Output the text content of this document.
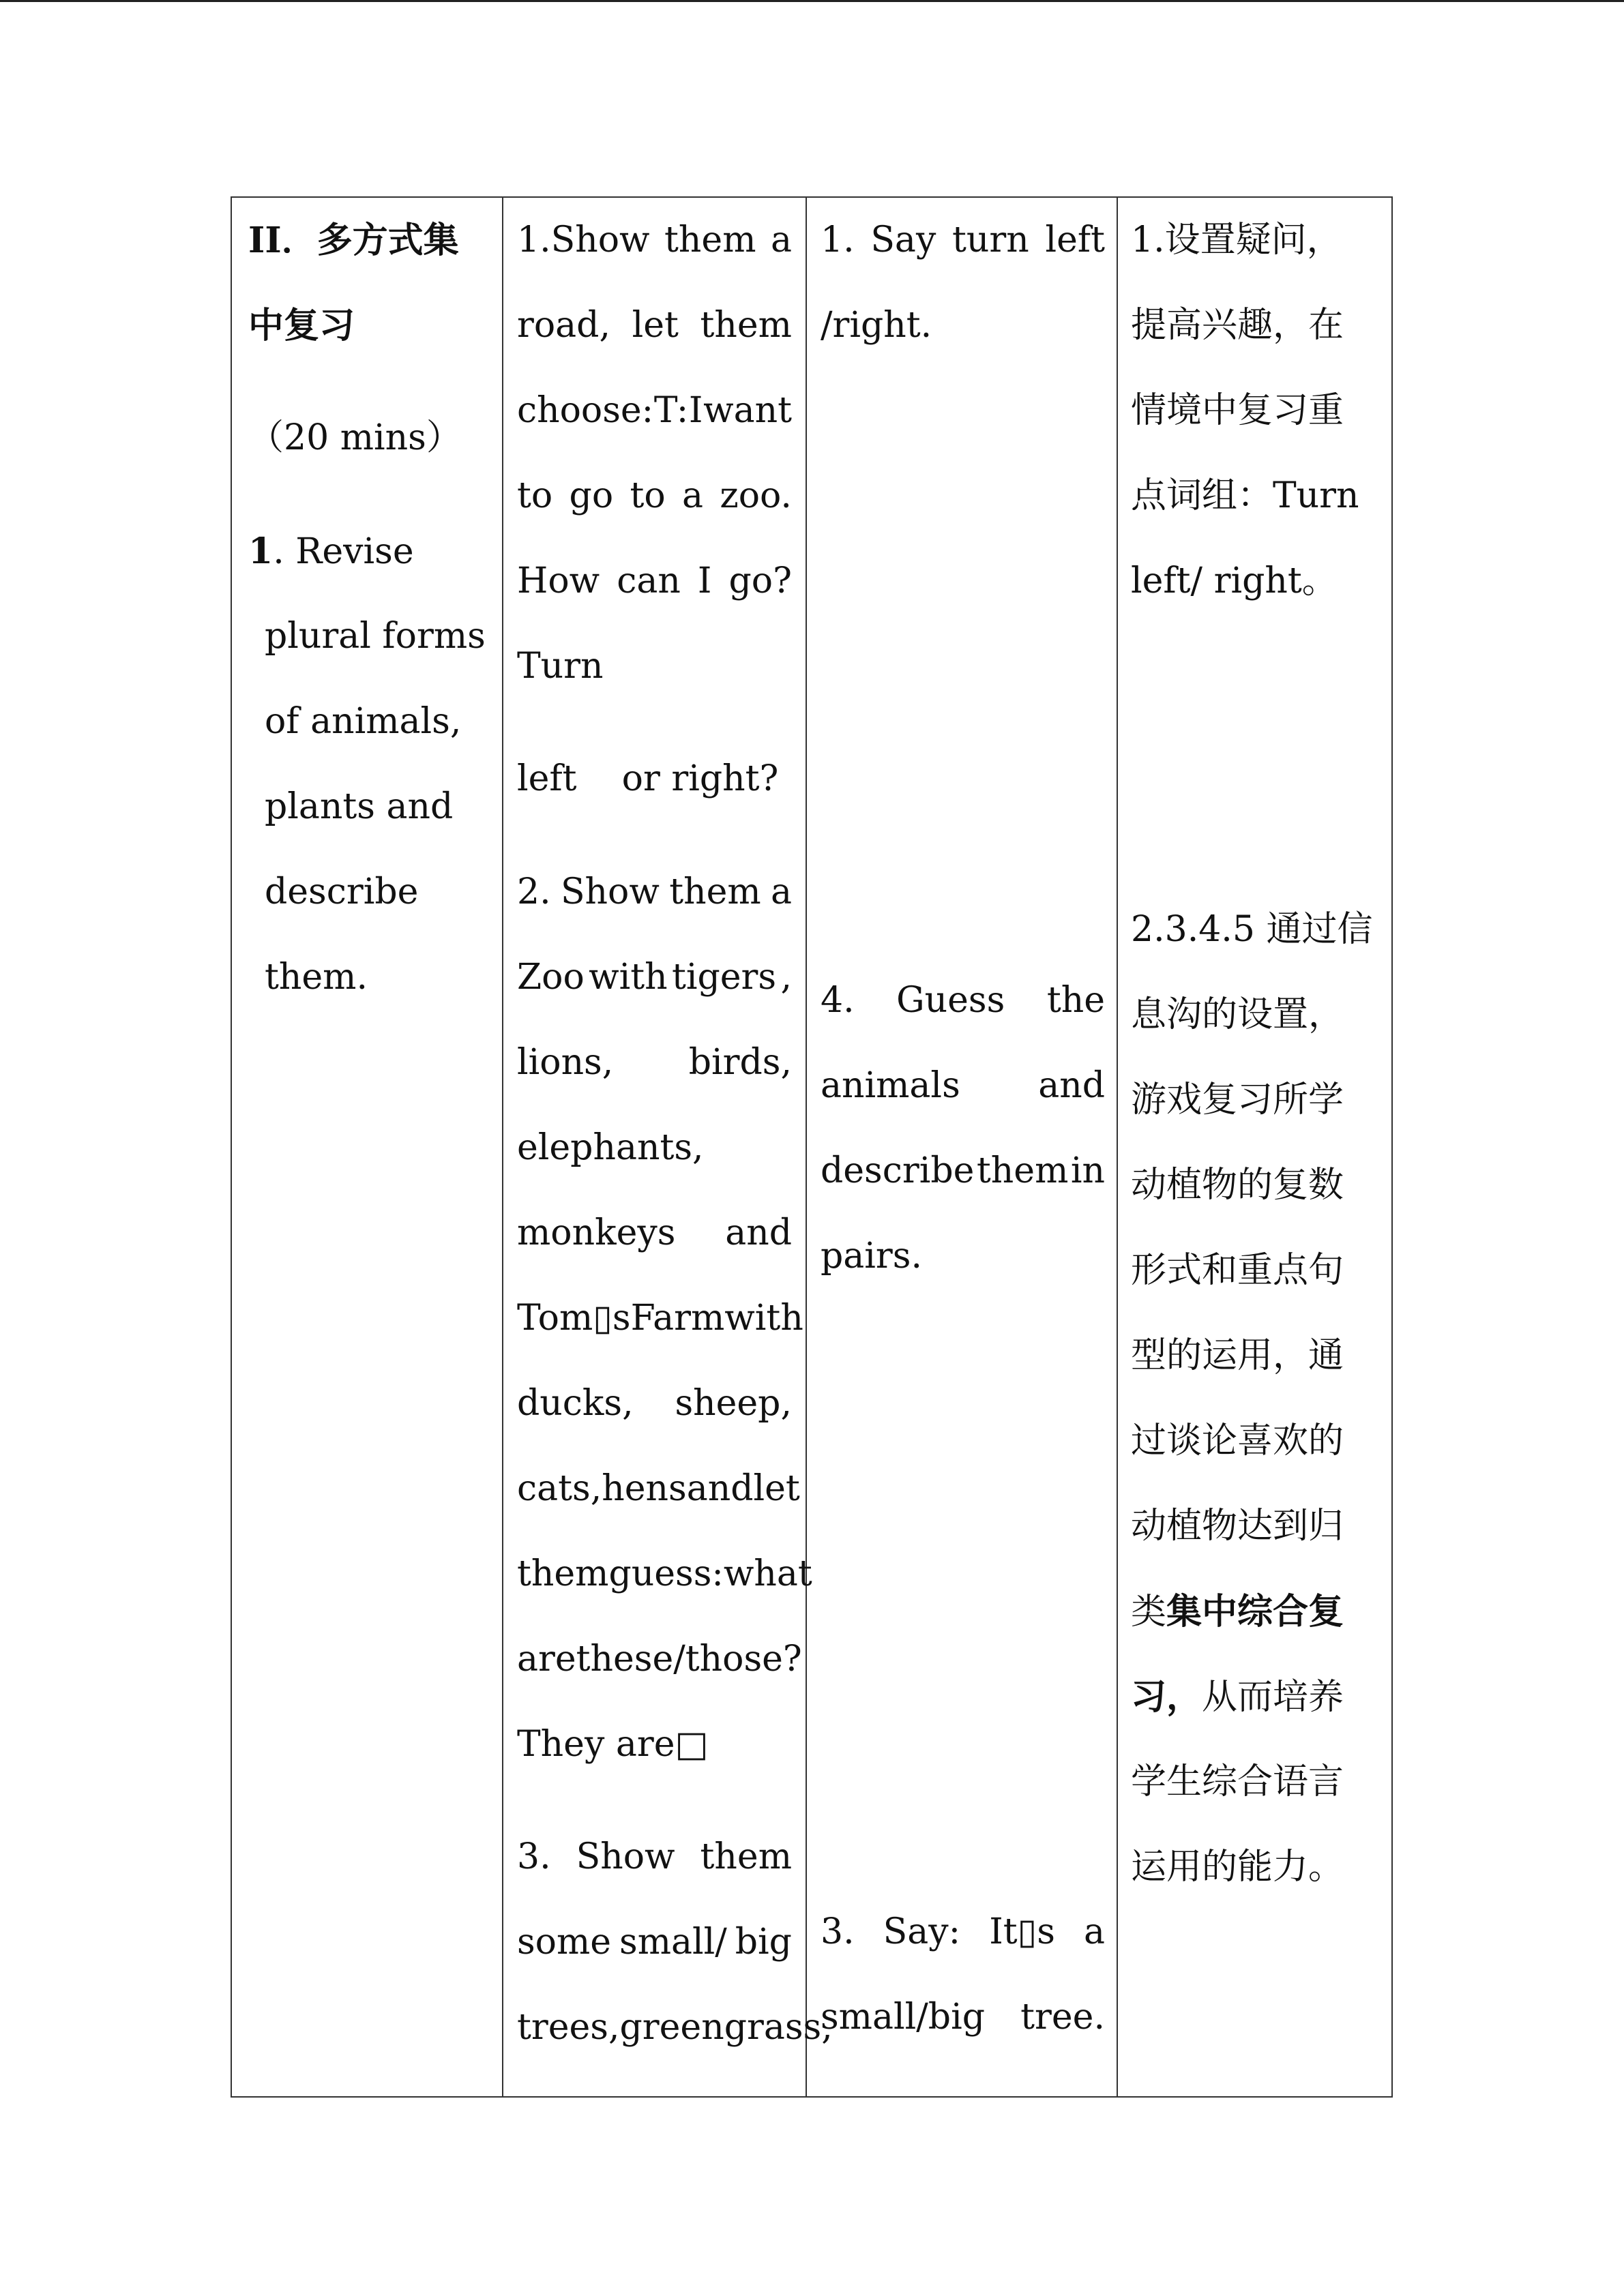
II．多方式集
中复习
（20 mins）
1. Revise
plural forms
of animals,
plants and
describe
them.
1.Show them a
road, let them
choose: T: I want
to go to a zoo.
How can I go?
Turn
left    or right?
2. Show them a
Zoo with tigers ,
lions, birds,
elephants,
monkeys and
Tom▯s Farm with
ducks, sheep,
cats, hens and let
them guess: what
are these/those?
They are□
3. Show them
some small/ big
trees, green grass,
1. Say turn left
/right.
4. Guess the
animals and
describe them in
pairs.
3. Say: It▯s a
small/big tree.
1.设置疑问，
提高兴趣，在
情境中复习重
点词组：Turn
left/ right。
2.3.4.5 通过信
息沟的设置，
游戏复习所学
动植物的复数
形式和重点句
型的运用，通
过谈论喜欢的
动植物达到归
类集中综合复
习，从而培养
学生综合语言
运用的能力。
